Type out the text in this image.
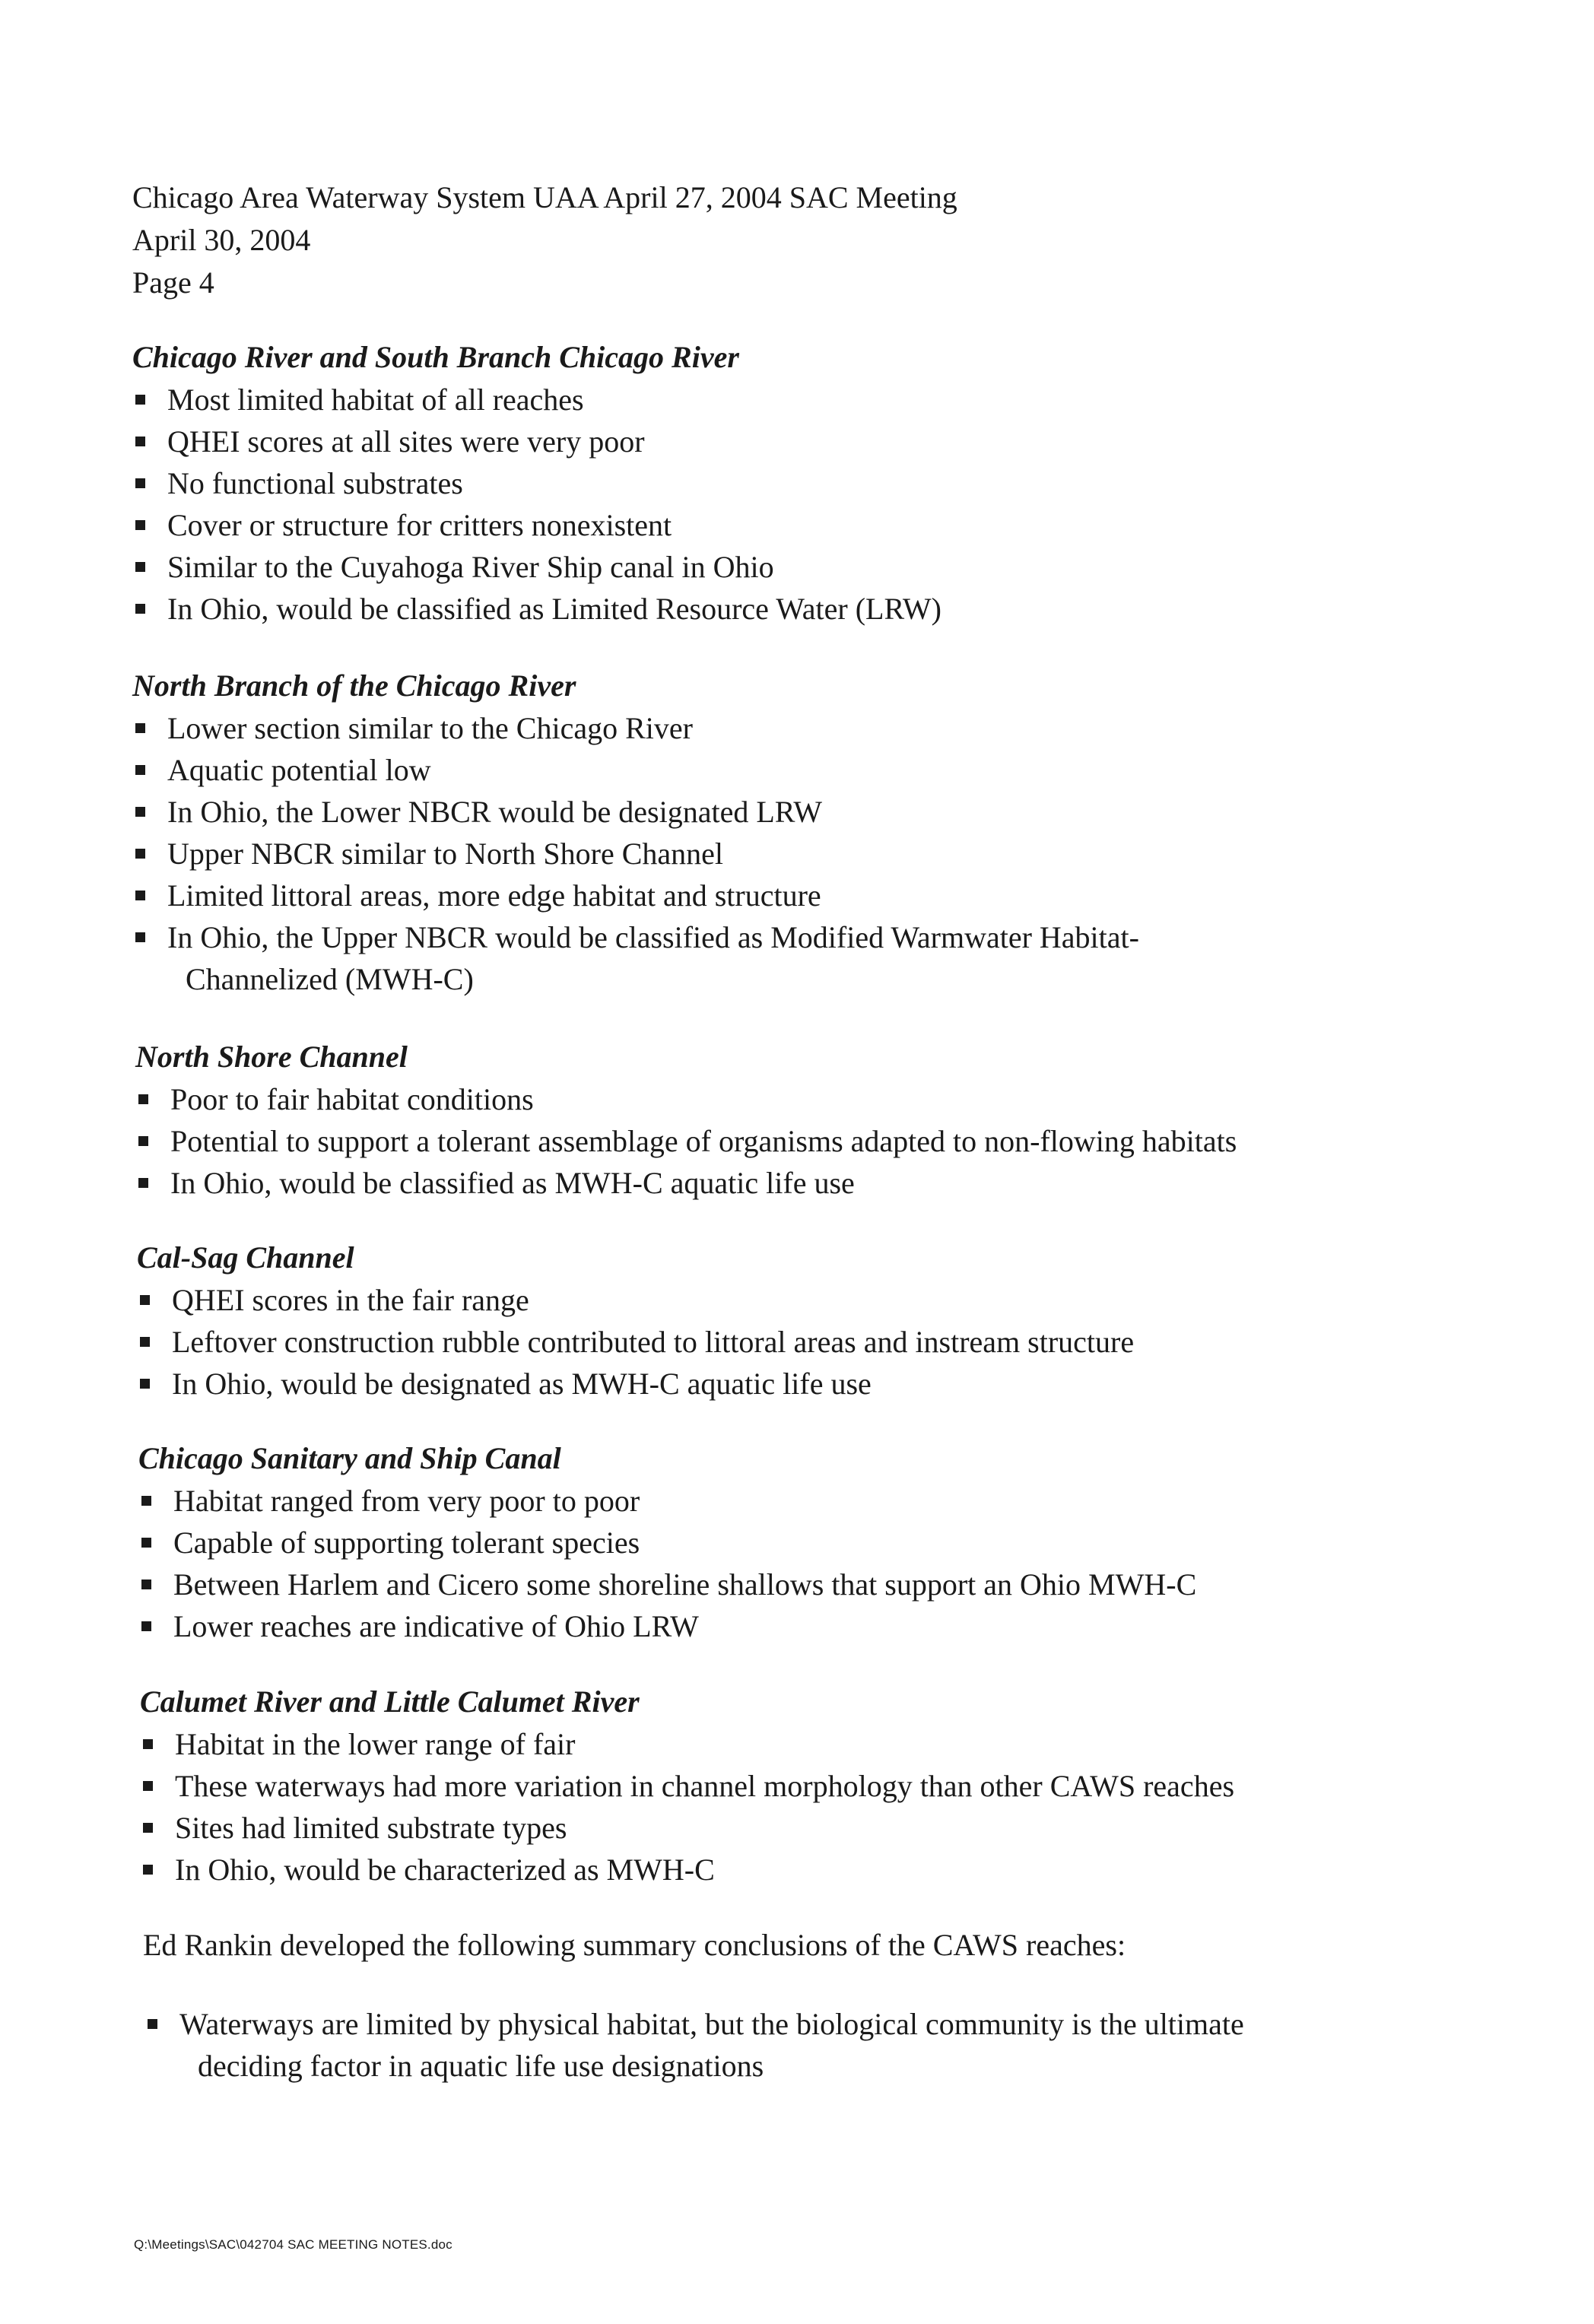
Chicago Area Waterway System UAA April 27, 2004 SAC Meeting
April 30, 2004
Page 4

Chicago River and South Branch Chicago River

Most limited habitat of all reaches
QHEI scores at all sites were very poor
No functional substrates
Cover or structure for critters nonexistent
Similar to the Cuyahoga River Ship canal in Ohio
In Ohio, would be classified as Limited Resource Water (LRW)

North Branch of the Chicago River

Lower section similar to the Chicago River
Aquatic potential low
In Ohio, the Lower NBCR would be designated LRW
Upper NBCR similar to North Shore Channel
Limited littoral areas, more edge habitat and structure
In Ohio, the Upper NBCR would be classified as Modified Warmwater Habitat-
Channelized (MWH-C)

North Shore Channel

Poor to fair habitat conditions
Potential to support a tolerant assemblage of organisms adapted to non-flowing habitats
In Ohio, would be classified as MWH-C aquatic life use

Cal-Sag Channel

QHEI scores in the fair range
Leftover construction rubble contributed to littoral areas and instream structure
In Ohio, would be designated as MWH-C aquatic life use

Chicago Sanitary and Ship Canal

Habitat ranged from very poor to poor
Capable of supporting tolerant species
Between Harlem and Cicero some shoreline shallows that support an Ohio MWH-C
Lower reaches are indicative of Ohio LRW

Calumet River and Little Calumet River

Habitat in the lower range of fair
These waterways had more variation in channel morphology than other CAWS reaches
Sites had limited substrate types
In Ohio, would be characterized as MWH-C
Ed Rankin developed the following summary conclusions of the CAWS reaches:
Waterways are limited by physical habitat, but the biological community is the ultimate
deciding factor in aquatic life use designations
Q:\Meetings\SAC\042704 SAC MEETING NOTES.doc
